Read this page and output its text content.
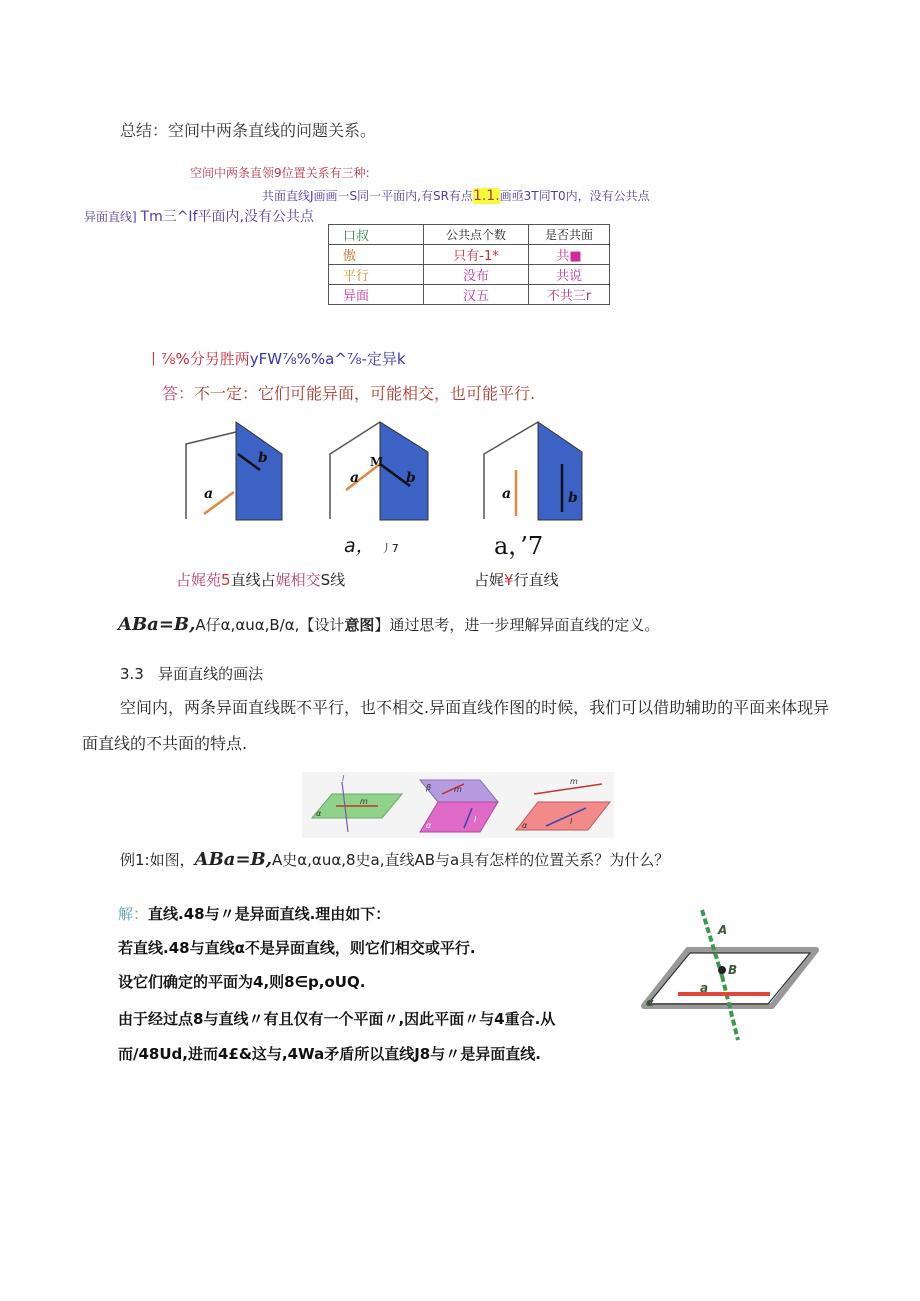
总结：空间中两条直线的问题关系。
空间中两条直领9位置关系有三种:
共面直线J画画一S同一平面内,有SR有点1.1.画亟3T同T0内，没有公共点
异面直线] Tm三^If平面内,没有公共点
口叔	公共点个数	是否共面
傲	只有-1*	共■
平行	没布	共说
异面	汉五	不共三r
丨⅞%分另胜两yFW⅞%%a^⅞-定异k
答：不一定：它们可能异面，可能相交，也可能平行.
b
a
M
a	b
a	b
a， 丿7	a，’7
占娓苑5直线占娓相交S线	占娓¥行直线
ABa=B,A仔α,αuα,B/α,【设计意图】通过思考，进一步理解异面直线的定义。
3.3 异面直线的画法
空间内，两条异面直线既不平行，也不相交.异面直线作图的时候，我们可以借助辅助的平面来体现异面直线的不共面的特点.
l
m
α
β	m
α
l
m
α	l
例1:如图，ABa=B,A史α,αuα,8史a,直线AB与a具有怎样的位置关系？为什么？
解：直线.48与〃是异面直线.理由如下：
若直线.48与直线α不是异面直线，则它们相交或平行.
设它们确定的平面为4,则8∈p,oUQ.
由于经过点8与直线〃有且仅有一个平面〃,因此平面〃与4重合.从
而∕48Ud,进而4£&这与,4Wa矛盾所以直线J8与〃是异面直线.
A
B
a
α
